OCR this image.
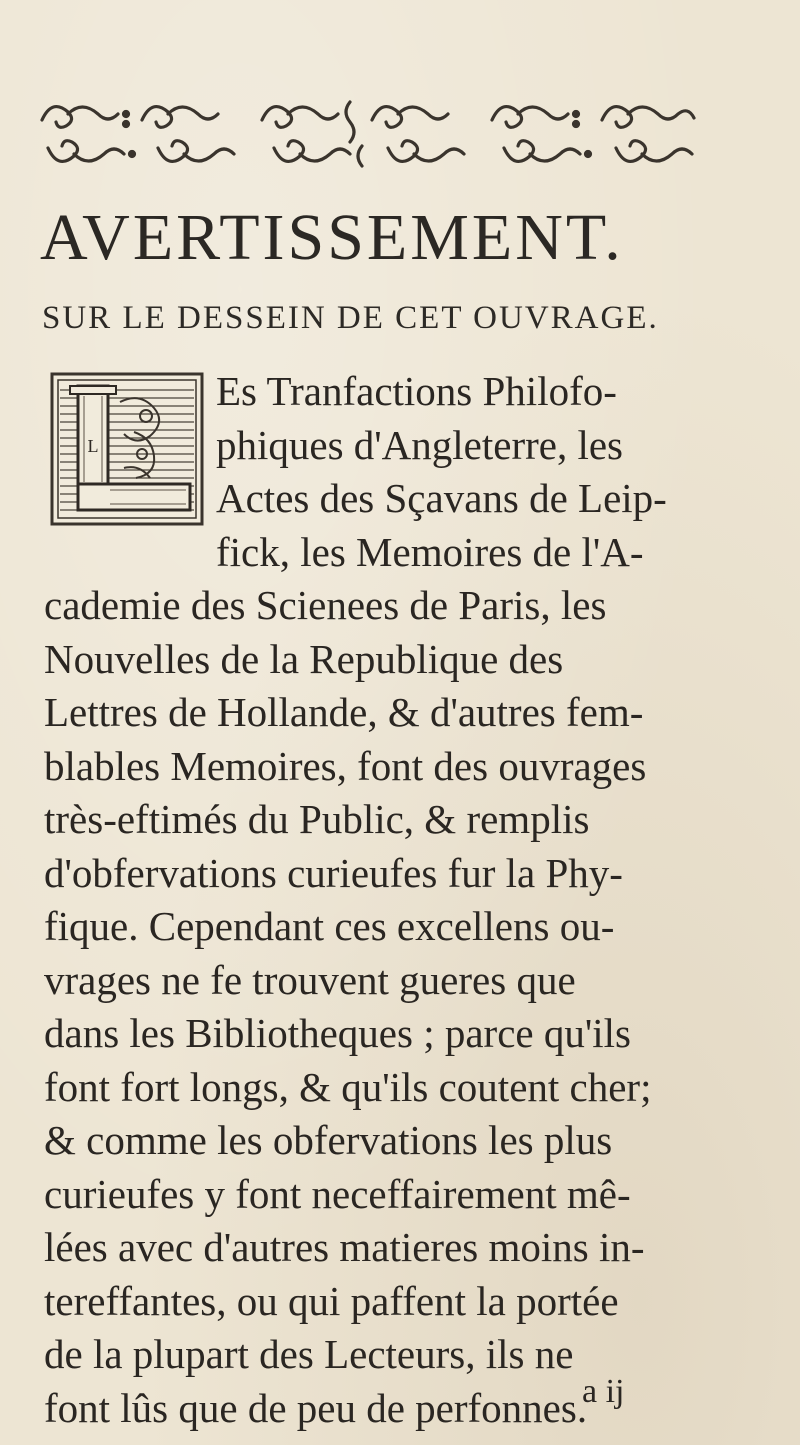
AVERTISSEMENT.
SUR LE DESSEIN DE CET OUVRAGE.
L
Es Tranfactions Philofo-
phiques d'Angleterre, les
Actes des Sçavans de Leip-
fick, les Memoires de l'A-
cademie des Scienees de Paris, les
Nouvelles de la Republique des
Lettres de Hollande, & d'autres fem-
blables Memoires, font des ouvrages
très-eftimés du Public, & remplis
d'obfervations curieufes fur la Phy-
fique. Cependant ces excellens ou-
vrages ne fe trouvent gueres que
dans les Bibliotheques ; parce qu'ils
font fort longs, & qu'ils coutent cher;
& comme les obfervations les plus
curieufes y font neceffairement mê-
lées avec d'autres matieres moins in-
tereffantes, ou qui paffent la portée
de la plupart des Lecteurs, ils ne
font lûs que de peu de perfonnes.
a ij
